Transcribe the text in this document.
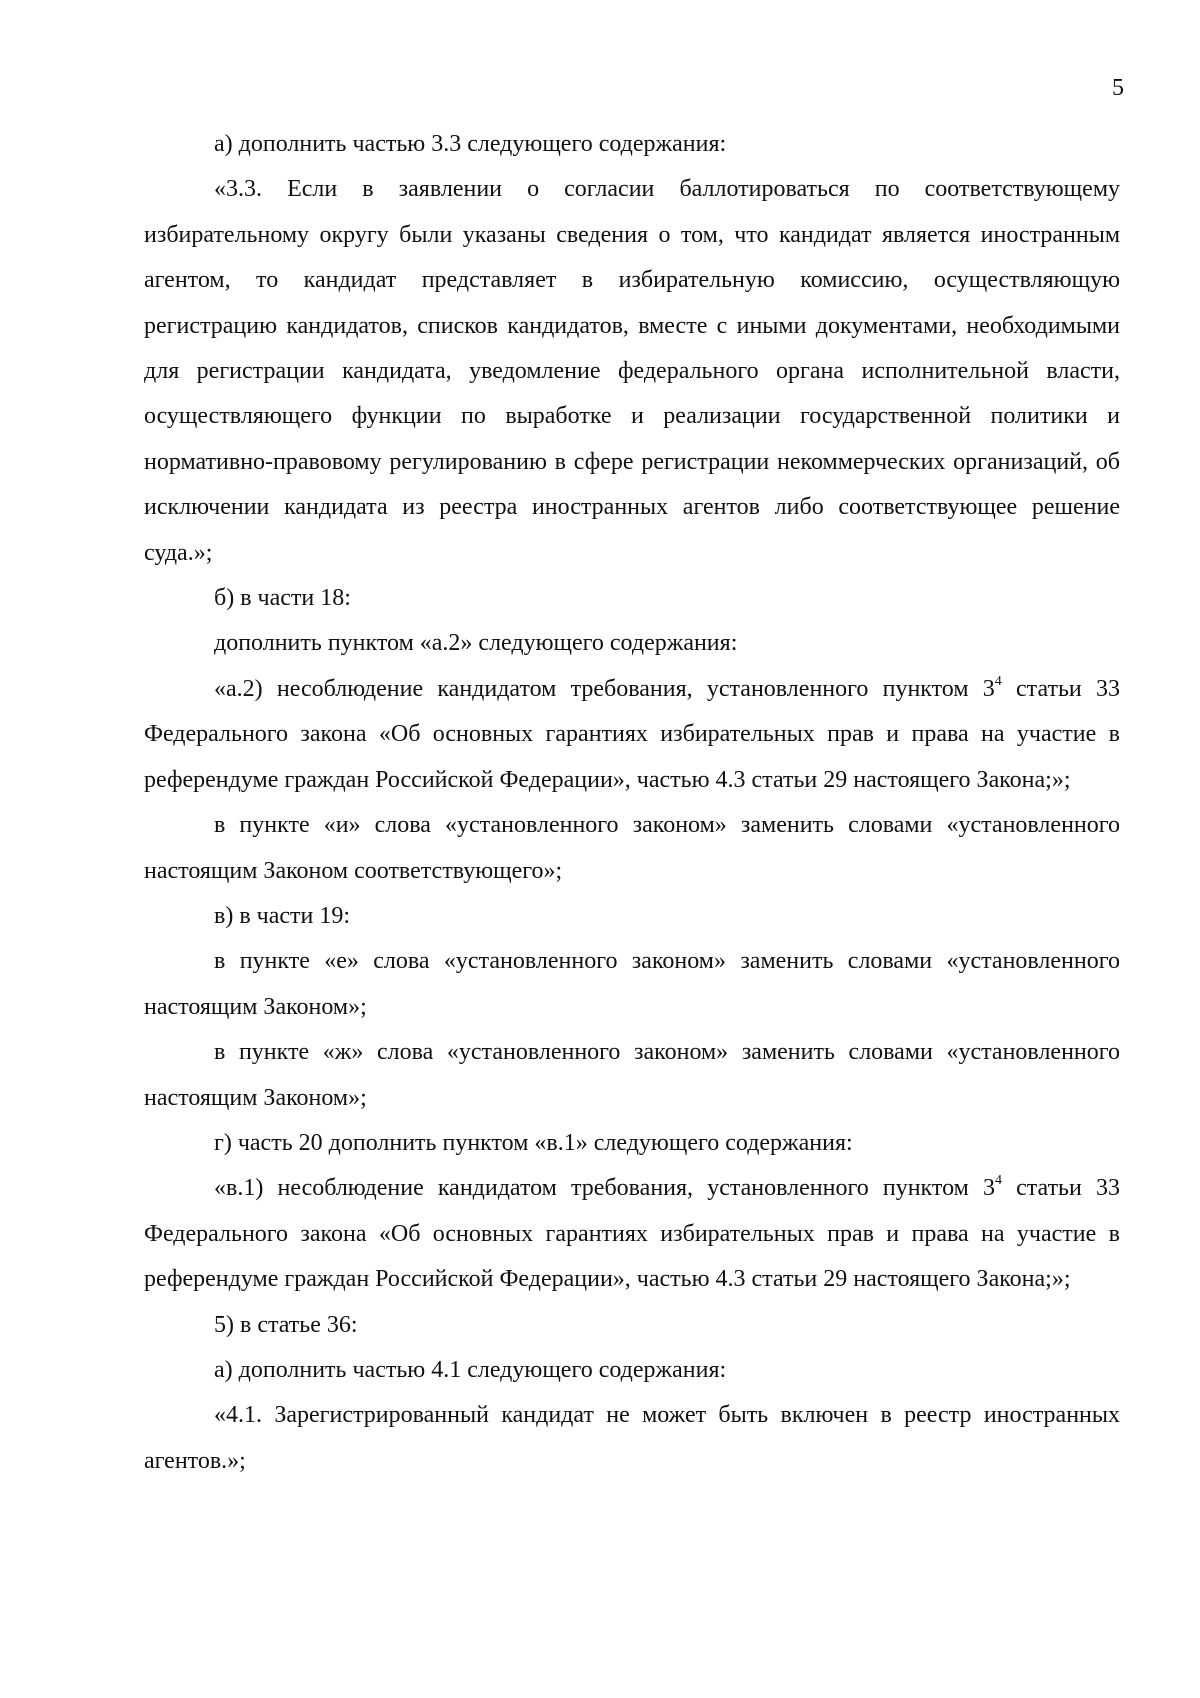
5

а) дополнить частью 3.3 следующего содержания:

«3.3. Если в заявлении о согласии баллотироваться по соответствующему избирательному округу были указаны сведения о том, что кандидат является иностранным агентом, то кандидат представляет в избирательную комиссию, осуществляющую регистрацию кандидатов, списков кандидатов, вместе с иными документами, необходимыми для регистрации кандидата, уведомление федерального органа исполнительной власти, осуществляющего функции по выработке и реализации государственной политики и нормативно-правовому регулированию в сфере регистрации некоммерческих организаций, об исключении кандидата из реестра иностранных агентов либо соответствующее решение суда.»;

б) в части 18:

дополнить пунктом «а.2» следующего содержания:

«а.2) несоблюдение кандидатом требования, установленного пунктом $3^4$ статьи 33 Федерального закона «Об основных гарантиях избирательных прав и права на участие в референдуме граждан Российской Федерации», частью 4.3 статьи 29 настоящего Закона;»;

в пункте «и» слова «установленного законом» заменить словами «установленного настоящим Законом соответствующего»;

в) в части 19:

в пункте «е» слова «установленного законом» заменить словами «установленного настоящим Законом»;

в пункте «ж» слова «установленного законом» заменить словами «установленного настоящим Законом»;

г) часть 20 дополнить пунктом «в.1» следующего содержания:

«в.1) несоблюдение кандидатом требования, установленного пунктом $3^4$ статьи 33 Федерального закона «Об основных гарантиях избирательных прав и права на участие в референдуме граждан Российской Федерации», частью 4.3 статьи 29 настоящего Закона;»;

5) в статье 36:

а) дополнить частью 4.1 следующего содержания:

«4.1. Зарегистрированный кандидат не может быть включен в реестр иностранных агентов.»;
